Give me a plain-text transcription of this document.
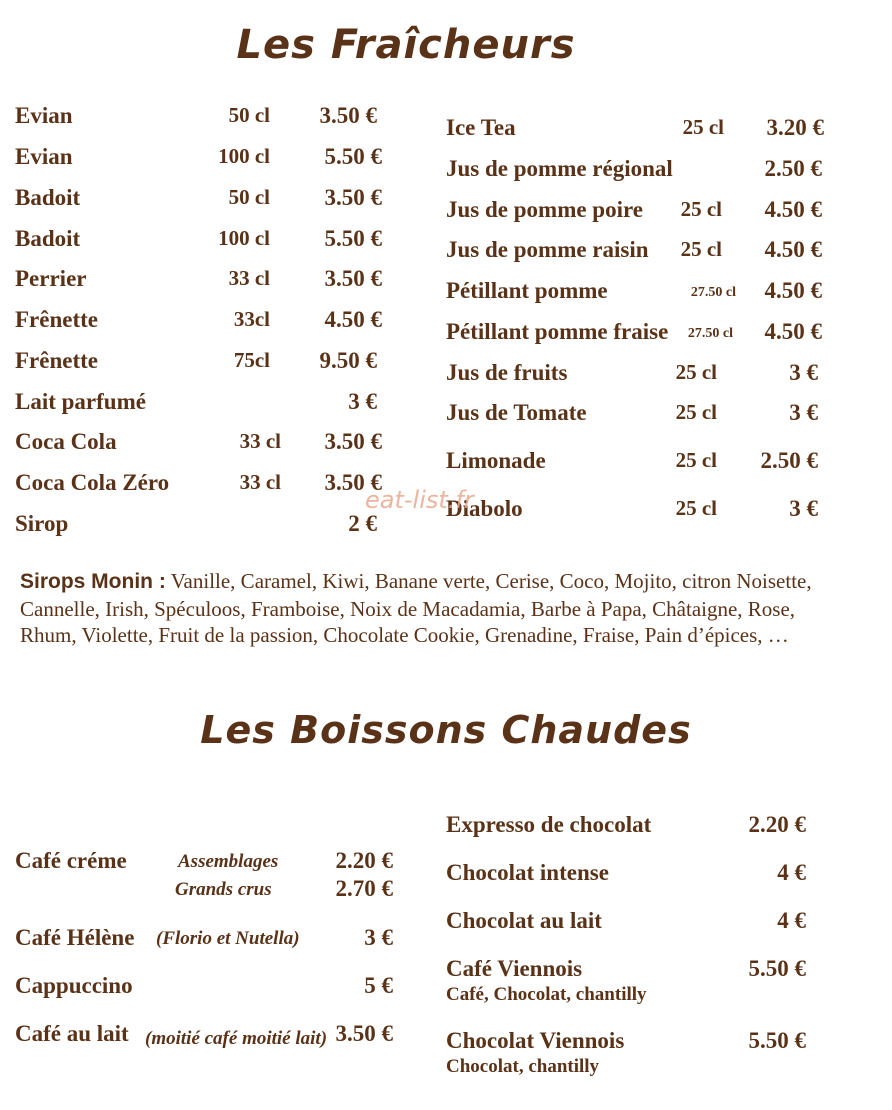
Les Fraîcheurs
Evian	50 cl 3.50 €
Evian	100 cl 5.50 €
Badoit	50 cl 3.50 €
Badoit	100 cl 5.50 €
Perrier	33 cl 3.50 €
Frênette	33cl 4.50 €
Frênette	75cl 9.50 €
Lait parfumé	3 €
Coca Cola	33 cl 3.50 €
Coca Cola Zéro	33 cl 3.50 €
Sirop	2 €
Ice Tea	25 cl 3.20 €
Jus de pomme régional	2.50 €
Jus de pomme poire 25 cl 4.50 €
Jus de pomme raisin 25 cl 4.50 €
Pétillant pomme	27.50 cl 4.50 €
Pétillant pomme fraise 27.50 cl 4.50 €
Jus de fruits	25 cl	3 €
Jus de Tomate	25 cl	3 €
Limonade	25 cl 2.50 €
Diabolo	25 cl	3 €
eat-list.fr
Sirops Monin : Vanille, Caramel, Kiwi, Banane verte, Cerise, Coco, Mojito, citron Noisette, Cannelle, Irish, Spéculoos, Framboise, Noix de Macadamia, Barbe à Papa, Châtaigne, Rose, Rhum, Violette, Fruit de la passion, Chocolate Cookie, Grenadine, Fraise, Pain d’épices, …
Les Boissons Chaudes
Café créme	Assemblages 2.20 €
Grands crus	2.70 €
Café Hélène (Florio et Nutella)	3 €
Cappuccino	5 €
Café au lait (moitié café moitié lait) 3.50 €
Expresso de chocolat	2.20 €
Chocolat intense	4 €
Chocolat au lait	4 €
Café Viennois	5.50 €
Café, Chocolat, chantilly
Chocolat Viennois	5.50 €
Chocolat, chantilly
